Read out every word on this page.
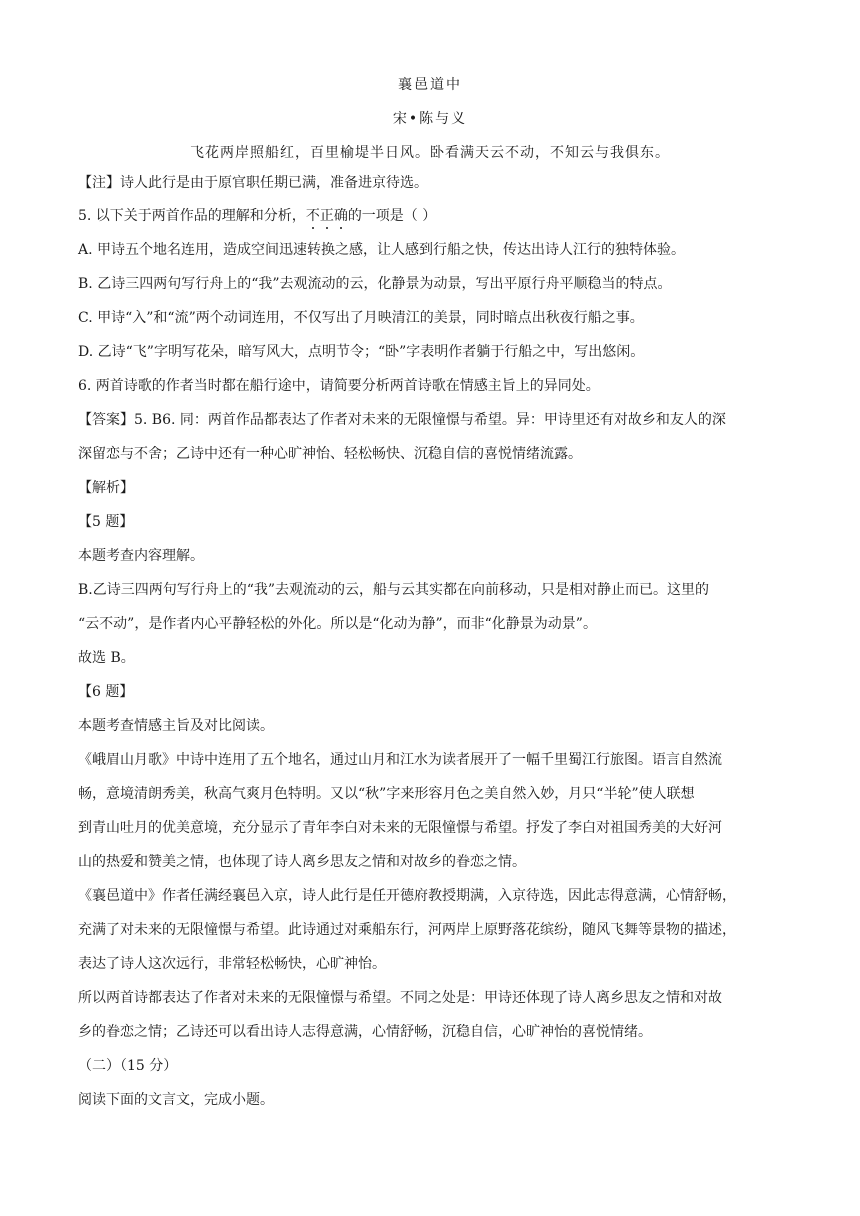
襄邑道中
宋•陈与义
飞花两岸照船红，百里榆堤半日风。卧看满天云不动，不知云与我俱东。
【注】诗人此行是由于原官职任期已满，准备进京待选。
5. 以下关于两首作品的理解和分析，不正确的一项是（ ）
A. 甲诗五个地名连用，造成空间迅速转换之感，让人感到行船之快，传达出诗人江行的独特体验。
B. 乙诗三四两句写行舟上的“我”去观流动的云，化静景为动景，写出平原行舟平顺稳当的特点。
C. 甲诗“入”和“流”两个动词连用，不仅写出了月映清江的美景，同时暗点出秋夜行船之事。
D. 乙诗“飞”字明写花朵，暗写风大，点明节令；“卧”字表明作者躺于行船之中，写出悠闲。
6. 两首诗歌的作者当时都在船行途中，请简要分析两首诗歌在情感主旨上的异同处。
【答案】5. B6. 同：两首作品都表达了作者对未来的无限憧憬与希望。异：甲诗里还有对故乡和友人的深
深留恋与不舍；乙诗中还有一种心旷神怡、轻松畅快、沉稳自信的喜悦情绪流露。
【解析】
【5 题】
本题考查内容理解。
B.乙诗三四两句写行舟上的“我”去观流动的云，船与云其实都在向前移动，只是相对静止而已。这里的
“云不动”，是作者内心平静轻松的外化。所以是“化动为静”，而非“化静景为动景”。
故选 B。
【6 题】
本题考查情感主旨及对比阅读。
《峨眉山月歌》中诗中连用了五个地名，通过山月和江水为读者展开了一幅千里蜀江行旅图。语言自然流
畅，意境清朗秀美，秋高气爽月色特明。又以“秋”字来形容月色之美自然入妙，月只“半轮”使人联想
到青山吐月的优美意境，充分显示了青年李白对未来的无限憧憬与希望。抒发了李白对祖国秀美的大好河
山的热爱和赞美之情，也体现了诗人离乡思友之情和对故乡的眷恋之情。
《襄邑道中》作者任满经襄邑入京，诗人此行是任开德府教授期满，入京待选，因此志得意满，心情舒畅，
充满了对未来的无限憧憬与希望。此诗通过对乘船东行，河两岸上原野落花缤纷，随风飞舞等景物的描述，
表达了诗人这次远行，非常轻松畅快，心旷神怡。
所以两首诗都表达了作者对未来的无限憧憬与希望。不同之处是：甲诗还体现了诗人离乡思友之情和对故
乡的眷恋之情；乙诗还可以看出诗人志得意满，心情舒畅，沉稳自信，心旷神怡的喜悦情绪。
（二）（15 分）
阅读下面的文言文，完成小题。
